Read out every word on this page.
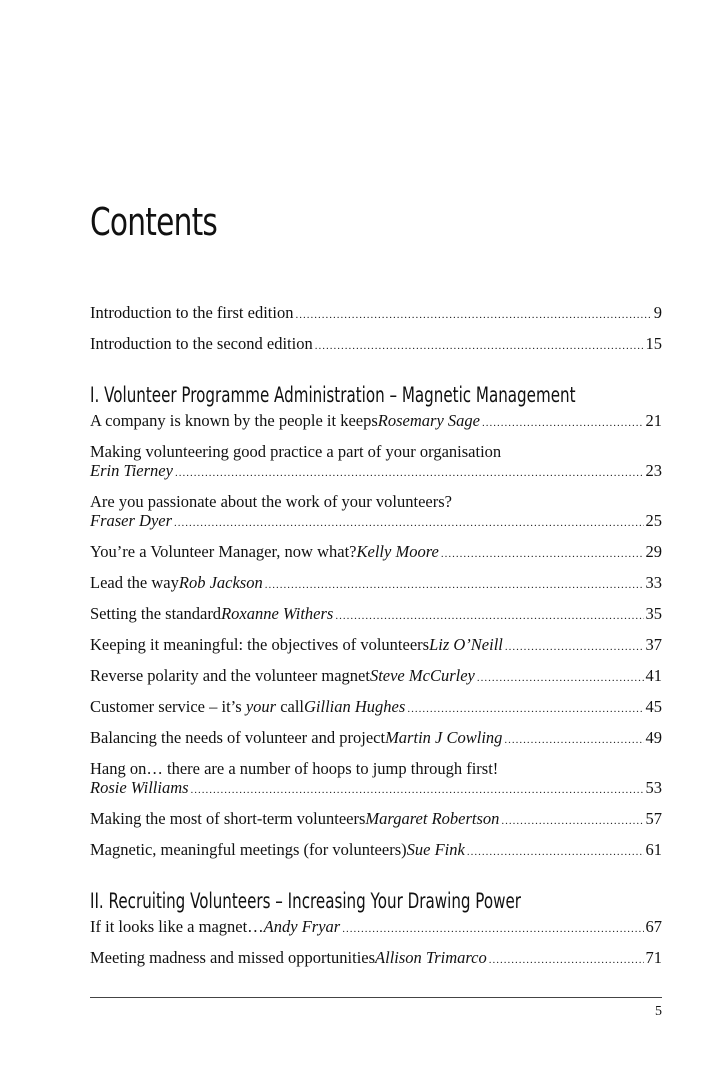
Contents
Introduction to the first edition .....	9
Introduction to the second edition .....	15
I. Volunteer Programme Administration – Magnetic Management
A company is known by the people it keeps Rosemary Sage .....	21
Making volunteering good practice a part of your organisation
Erin Tierney .....	23
Are you passionate about the work of your volunteers?
Fraser Dyer .....	25
You’re a Volunteer Manager, now what? Kelly Moore .....	29
Lead the way Rob Jackson .....	33
Setting the standard Roxanne Withers .....	35
Keeping it meaningful: the objectives of volunteers Liz O’Neill .....	37
Reverse polarity and the volunteer magnet Steve McCurley .....	41
Customer service – it’s your call Gillian Hughes .....	45
Balancing the needs of volunteer and project Martin J Cowling .....	49
Hang on… there are a number of hoops to jump through first!
Rosie Williams .....	53
Making the most of short-term volunteers Margaret Robertson .....	57
Magnetic, meaningful meetings (for volunteers) Sue Fink .....	61
II. Recruiting Volunteers – Increasing Your Drawing Power
If it looks like a magnet… Andy Fryar .....	67
Meeting madness and missed opportunities Allison Trimarco .....	71
5
